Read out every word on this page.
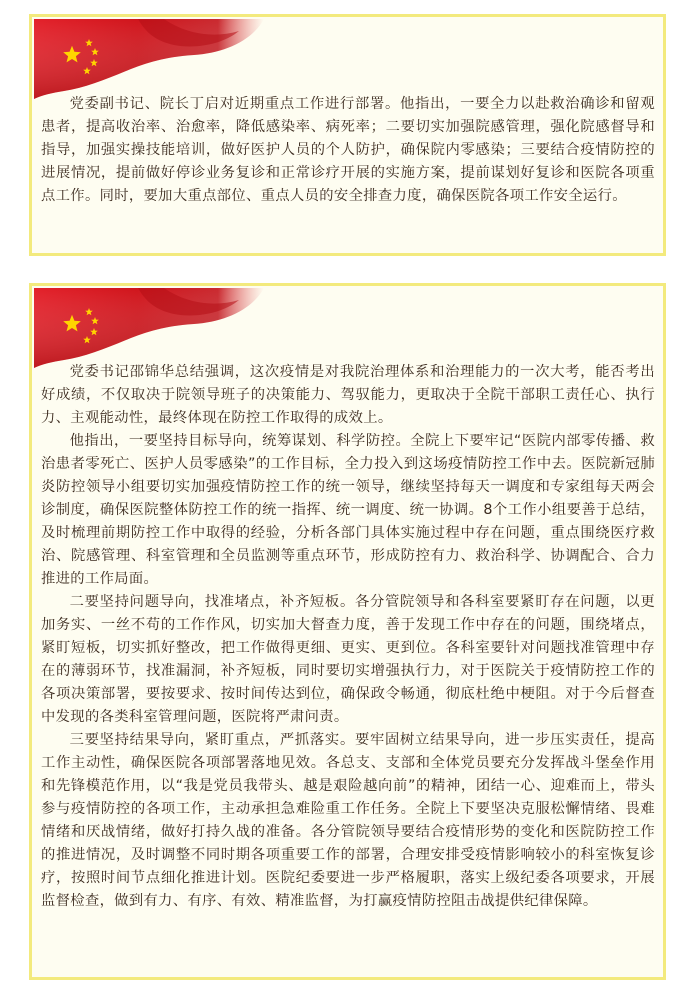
党委副书记、院长丁启对近期重点工作进行部署。他指出，一要全力以赴救治确诊和留观患者，提高收治率、治愈率，降低感染率、病死率；二要切实加强院感管理，强化院感督导和指导，加强实操技能培训，做好医护人员的个人防护，确保院内零感染；三要结合疫情防控的进展情况，提前做好停诊业务复诊和正常诊疗开展的实施方案，提前谋划好复诊和医院各项重点工作。同时，要加大重点部位、重点人员的安全排查力度，确保医院各项工作安全运行。

党委书记邵锦华总结强调，这次疫情是对我院治理体系和治理能力的一次大考，能否考出好成绩，不仅取决于院领导班子的决策能力、驾驭能力，更取决于全院干部职工责任心、执行力、主观能动性，最终体现在防控工作取得的成效上。

他指出，一要坚持目标导向，统筹谋划、科学防控。全院上下要牢记“医院内部零传播、救治患者零死亡、医护人员零感染”的工作目标，全力投入到这场疫情防控工作中去。医院新冠肺炎防控领导小组要切实加强疫情防控工作的统一领导，继续坚持每天一调度和专家组每天两会诊制度，确保医院整体防控工作的统一指挥、统一调度、统一协调。8个工作小组要善于总结，及时梳理前期防控工作中取得的经验，分析各部门具体实施过程中存在问题，重点围绕医疗救治、院感管理、科室管理和全员监测等重点环节，形成防控有力、救治科学、协调配合、合力推进的工作局面。

二要坚持问题导向，找准堵点，补齐短板。各分管院领导和各科室要紧盯存在问题，以更加务实、一丝不苟的工作作风，切实加大督查力度，善于发现工作中存在的问题，围绕堵点，紧盯短板，切实抓好整改，把工作做得更细、更实、更到位。各科室要针对问题找准管理中存在的薄弱环节，找准漏洞，补齐短板，同时要切实增强执行力，对于医院关于疫情防控工作的各项决策部署，要按要求、按时间传达到位，确保政令畅通，彻底杜绝中梗阻。对于今后督查中发现的各类科室管理问题，医院将严肃问责。

三要坚持结果导向，紧盯重点，严抓落实。要牢固树立结果导向，进一步压实责任，提高工作主动性，确保医院各项部署落地见效。各总支、支部和全体党员要充分发挥战斗堡垒作用和先锋模范作用，以“我是党员我带头、越是艰险越向前”的精神，团结一心、迎难而上，带头参与疫情防控的各项工作，主动承担急难险重工作任务。全院上下要坚决克服松懈情绪、畏难情绪和厌战情绪，做好打持久战的准备。各分管院领导要结合疫情形势的变化和医院防控工作的推进情况，及时调整不同时期各项重要工作的部署，合理安排受疫情影响较小的科室恢复诊疗，按照时间节点细化推进计划。医院纪委要进一步严格履职，落实上级纪委各项要求，开展监督检查，做到有力、有序、有效、精准监督，为打赢疫情防控阻击战提供纪律保障。
